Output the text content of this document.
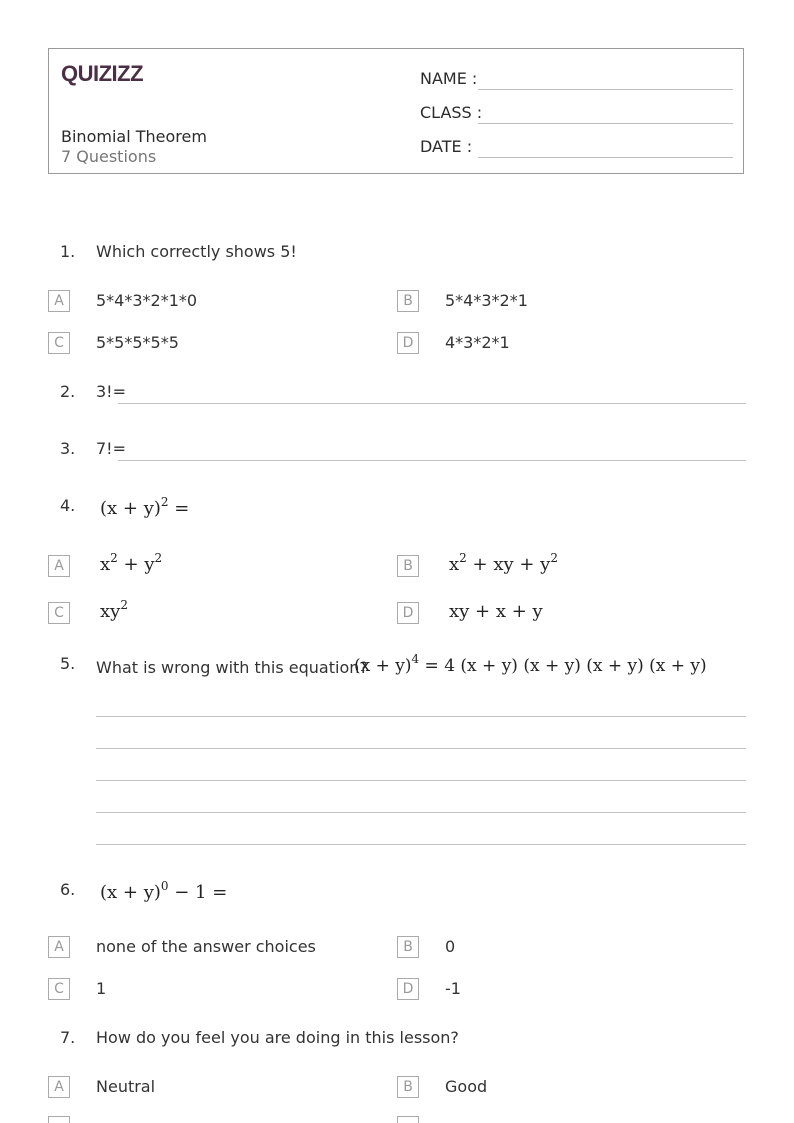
QUIZIZZ
Binomial Theorem
7 Questions
NAME :
CLASS :
DATE :
1. Which correctly shows 5!
A	5*4*3*2*1*0	B	5*4*3*2*1
C	5*5*5*5*5	D	4*3*2*1
2. 3!=
3. 7!=
4. $(x + y)^2$ =
A	$x^2 + y^2$	B	$x^2$ + xy + $y^2$
C	$xy^2$	D	xy + x + y
5. What is wrong with this equation?
$(x + y)^4 = 4$ (x + y) (x + y) (x + y) (x + y)
6. $(x + y)^0 - 1$ =
A	none of the answer choices	B	0
C	1	D	-1
7. How do you feel you are doing in this lesson?
A	Neutral	B	Good
